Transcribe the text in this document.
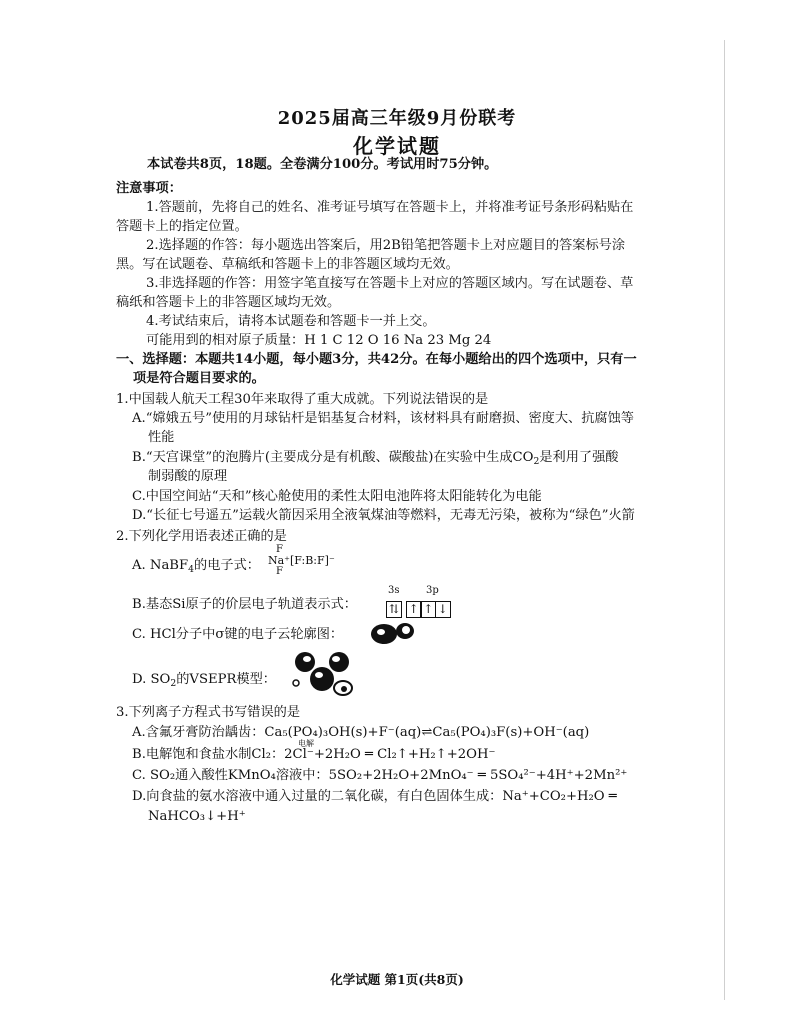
2025届高三年级9月份联考
化学试题
本试卷共8页，18题。全卷满分100分。考试用时75分钟。
注意事项：
1.答题前，先将自己的姓名、准考证号填写在答题卡上，并将准考证号条形码粘贴在
答题卡上的指定位置。
2.选择题的作答：每小题选出答案后，用2B铅笔把答题卡上对应题目的答案标号涂
黑。写在试题卷、草稿纸和答题卡上的非答题区域均无效。
3.非选择题的作答：用签字笔直接写在答题卡上对应的答题区域内。写在试题卷、草
稿纸和答题卡上的非答题区域均无效。
4.考试结束后，请将本试题卷和答题卡一并上交。
可能用到的相对原子质量：H 1 C 12 O 16 Na 23 Mg 24
一、选择题：本题共14小题，每小题3分，共42分。在每小题给出的四个选项中，只有一
项是符合题目要求的。
1.中国载人航天工程30年来取得了重大成就。下列说法错误的是
A.“嫦娥五号”使用的月球钻杆是铝基复合材料，该材料具有耐磨损、密度大、抗腐蚀等
性能
B.“天宫课堂”的泡腾片(主要成分是有机酸、碳酸盐)在实验中生成$CO_2$是利用了强酸
制弱酸的原理
C.中国空间站“天和”核心舱使用的柔性太阳电池阵将太阳能转化为电能
D.“长征七号遥五”运载火箭因采用全液氧煤油等燃料，无毒无污染，被称为“绿色”火箭
2.下列化学用语表述正确的是
A. NaBF$_4$的电子式：
F
Na⁺[F:B:F]⁻
F
B.基态Si原子的价层电子轨道表示式：
3s	3p
⇅ ↑ ↑ ↓
C. HCl分子中σ键的电子云轮廓图：
D. $SO_2$的VSEPR模型：
3.下列离子方程式书写错误的是
A.含氟牙膏防治龋齿：Ca₅(PO₄)₃OH(s)+F⁻(aq)⇌Ca₅(PO₄)₃F(s)+OH⁻(aq)
电解
B.电解饱和食盐水制Cl₂：2Cl⁻+2H₂O ═ Cl₂↑+H₂↑+2OH⁻
C. SO₂通入酸性KMnO₄溶液中：5SO₂+2H₂O+2MnO₄⁻ ═ 5SO₄²⁻+4H⁺+2Mn²⁺
D.向食盐的氨水溶液中通入过量的二氧化碳，有白色固体生成：Na⁺+CO₂+H₂O ═
NaHCO₃↓+H⁺
化学试题 第1页(共8页)
